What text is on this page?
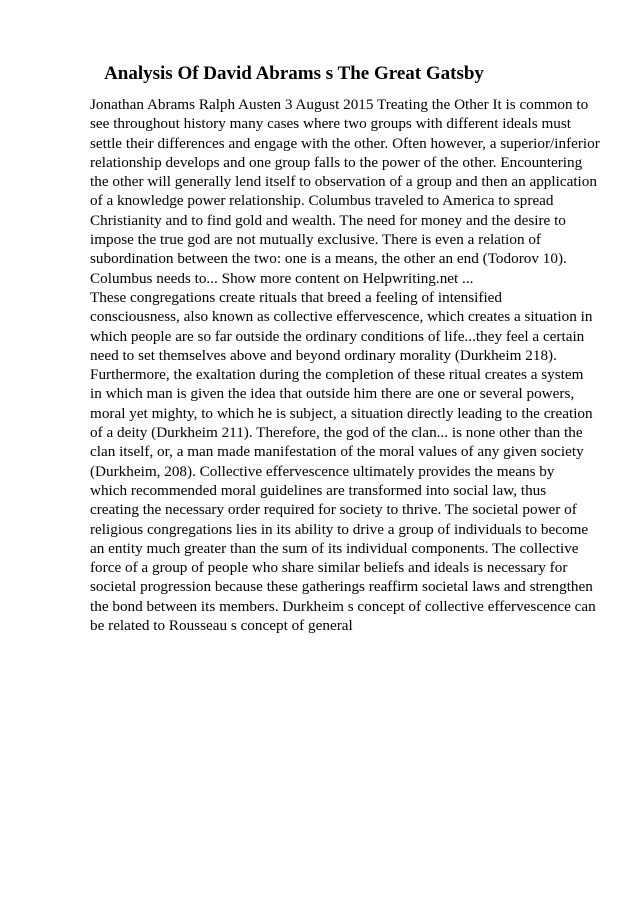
Analysis Of David Abrams s The Great Gatsby
Jonathan Abrams Ralph Austen 3 August 2015 Treating the Other It is common to
see throughout history many cases where two groups with different ideals must
settle their differences and engage with the other. Often however, a superior/inferior
relationship develops and one group falls to the power of the other. Encountering
the other will generally lend itself to observation of a group and then an application
of a knowledge power relationship. Columbus traveled to America to spread
Christianity and to find gold and wealth. The need for money and the desire to
impose the true god are not mutually exclusive. There is even a relation of
subordination between the two: one is a means, the other an end (Todorov 10).
Columbus needs to... Show more content on Helpwriting.net ...
These congregations create rituals that breed a feeling of intensified
consciousness, also known as collective effervescence, which creates a situation in
which people are so far outside the ordinary conditions of life...they feel a certain
need to set themselves above and beyond ordinary morality (Durkheim 218).
Furthermore, the exaltation during the completion of these ritual creates a system
in which man is given the idea that outside him there are one or several powers,
moral yet mighty, to which he is subject, a situation directly leading to the creation
of a deity (Durkheim 211). Therefore, the god of the clan... is none other than the
clan itself, or, a man made manifestation of the moral values of any given society
(Durkheim, 208). Collective effervescence ultimately provides the means by
which recommended moral guidelines are transformed into social law, thus
creating the necessary order required for society to thrive. The societal power of
religious congregations lies in its ability to drive a group of individuals to become
an entity much greater than the sum of its individual components. The collective
force of a group of people who share similar beliefs and ideals is necessary for
societal progression because these gatherings reaffirm societal laws and strengthen
the bond between its members. Durkheim s concept of collective effervescence can
be related to Rousseau s concept of general
